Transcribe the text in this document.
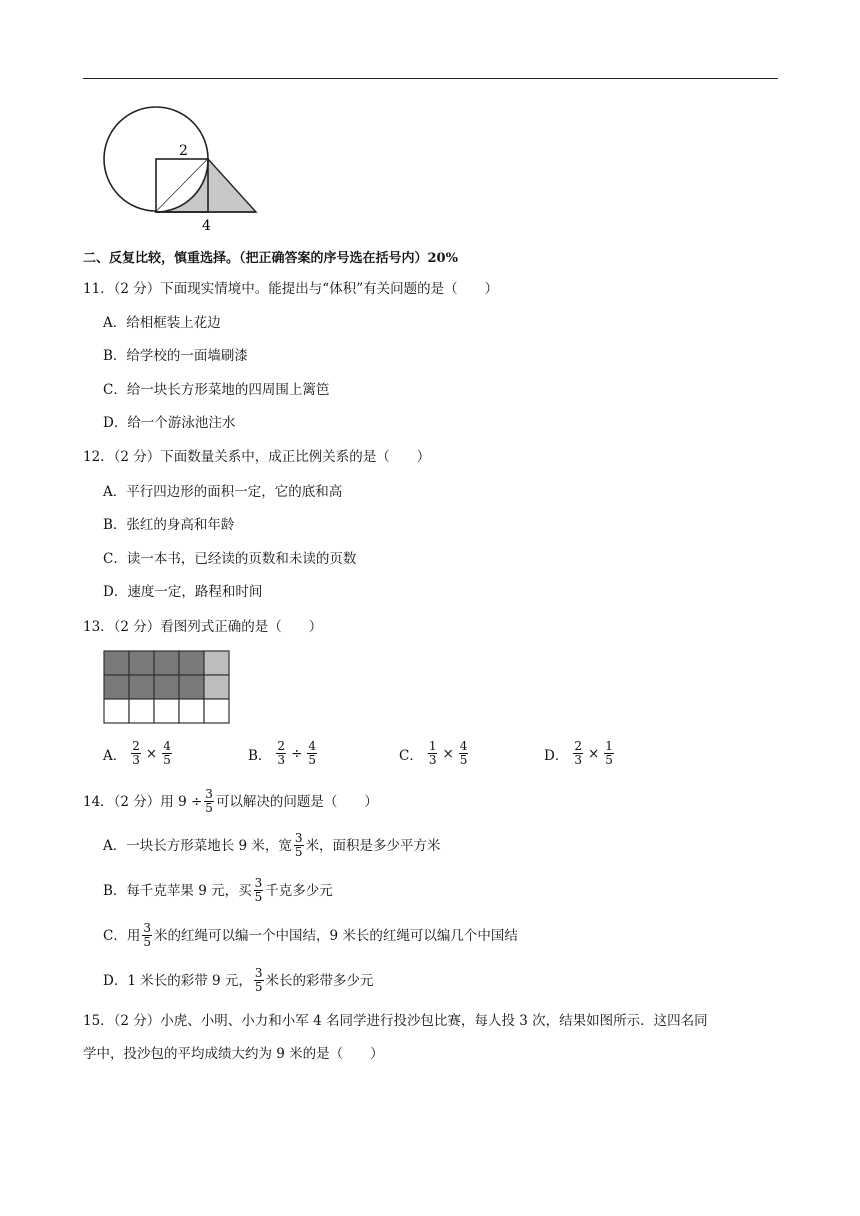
2
4
二、反复比较，慎重选择。（把正确答案的序号选在括号内）20%
11．（2 分）下面现实情境中。能提出与“体积”有关问题的是（　　）
A．给相框装上花边
B．给学校的一面墙刷漆
C．给一块长方形菜地的四周围上篱笆
D．给一个游泳池注水
12．（2 分）下面数量关系中，成正比例关系的是（　　）
A．平行四边形的面积一定，它的底和高
B．张红的身高和年龄
C．读一本书，已经读的页数和未读的页数
D．速度一定，路程和时间
13．（2 分）看图列式正确的是（　　）
A． $\frac{2}{3} \times \frac{4}{5}$	B． $\frac{2}{3} \div \frac{4}{5}$	C． $\frac{1}{3} \times \frac{4}{5}$	D． $\frac{2}{3} \times \frac{1}{5}$
14．（2 分）用 $9 \div \frac{3}{5}$ 可以解决的问题是（　　）
A．一块长方形菜地长 9 米，宽 $\frac{3}{5}$ 米，面积是多少平方米
B．每千克苹果 9 元，买 $\frac{3}{5}$ 千克多少元
C．用 $\frac{3}{5}$ 米的红绳可以编一个中国结，9 米长的红绳可以编几个中国结
D．1 米长的彩带 9 元， $\frac{3}{5}$ 米长的彩带多少元
15．（2 分）小虎、小明、小力和小军 4 名同学进行投沙包比赛，每人投 3 次，结果如图所示．这四名同
学中，投沙包的平均成绩大约为 9 米的是（　　）
